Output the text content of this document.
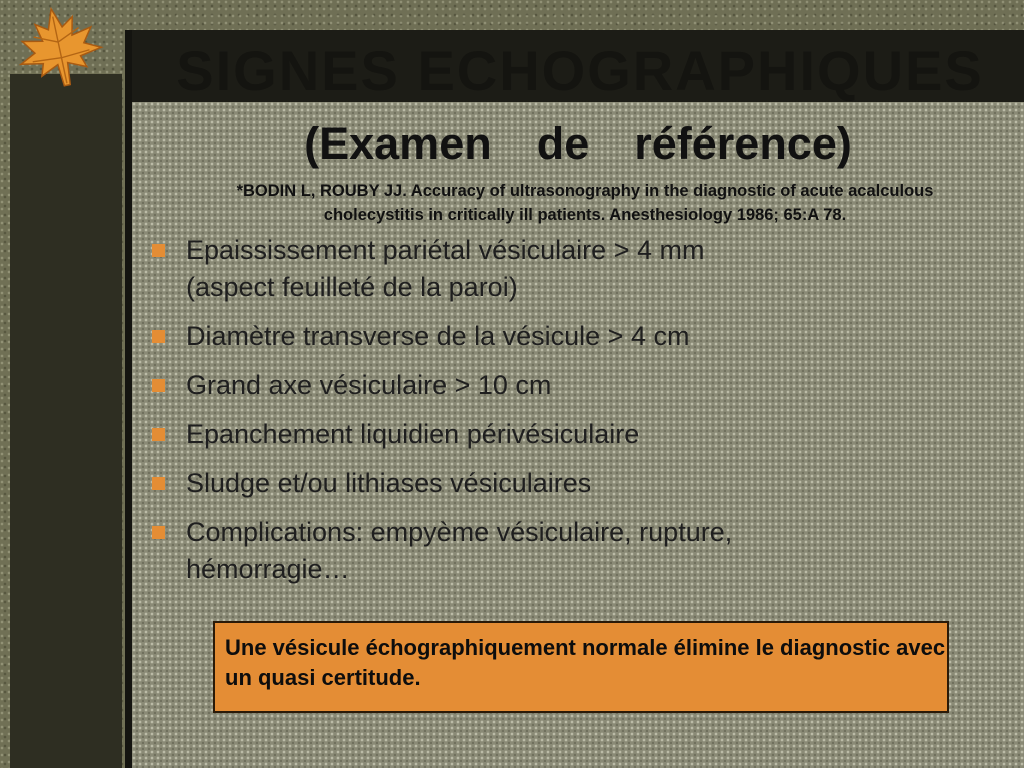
SIGNES ECHOGRAPHIQUES
(Examen  de  référence)
*BODIN L, ROUBY JJ. Accuracy of ultrasonography in the diagnostic of acute acalculous
cholecystitis in critically ill patients. Anesthesiology 1986; 65:A 78.
Epaississement pariétal vésiculaire > 4 mm
(aspect feuilleté de la paroi)
Diamètre transverse de la vésicule > 4 cm
Grand axe vésiculaire > 10 cm
Epanchement liquidien périvésiculaire
Sludge et/ou lithiases vésiculaires
Complications: empyème vésiculaire, rupture,
hémorragie…
Une vésicule échographiquement normale élimine le diagnostic avec un quasi certitude.
